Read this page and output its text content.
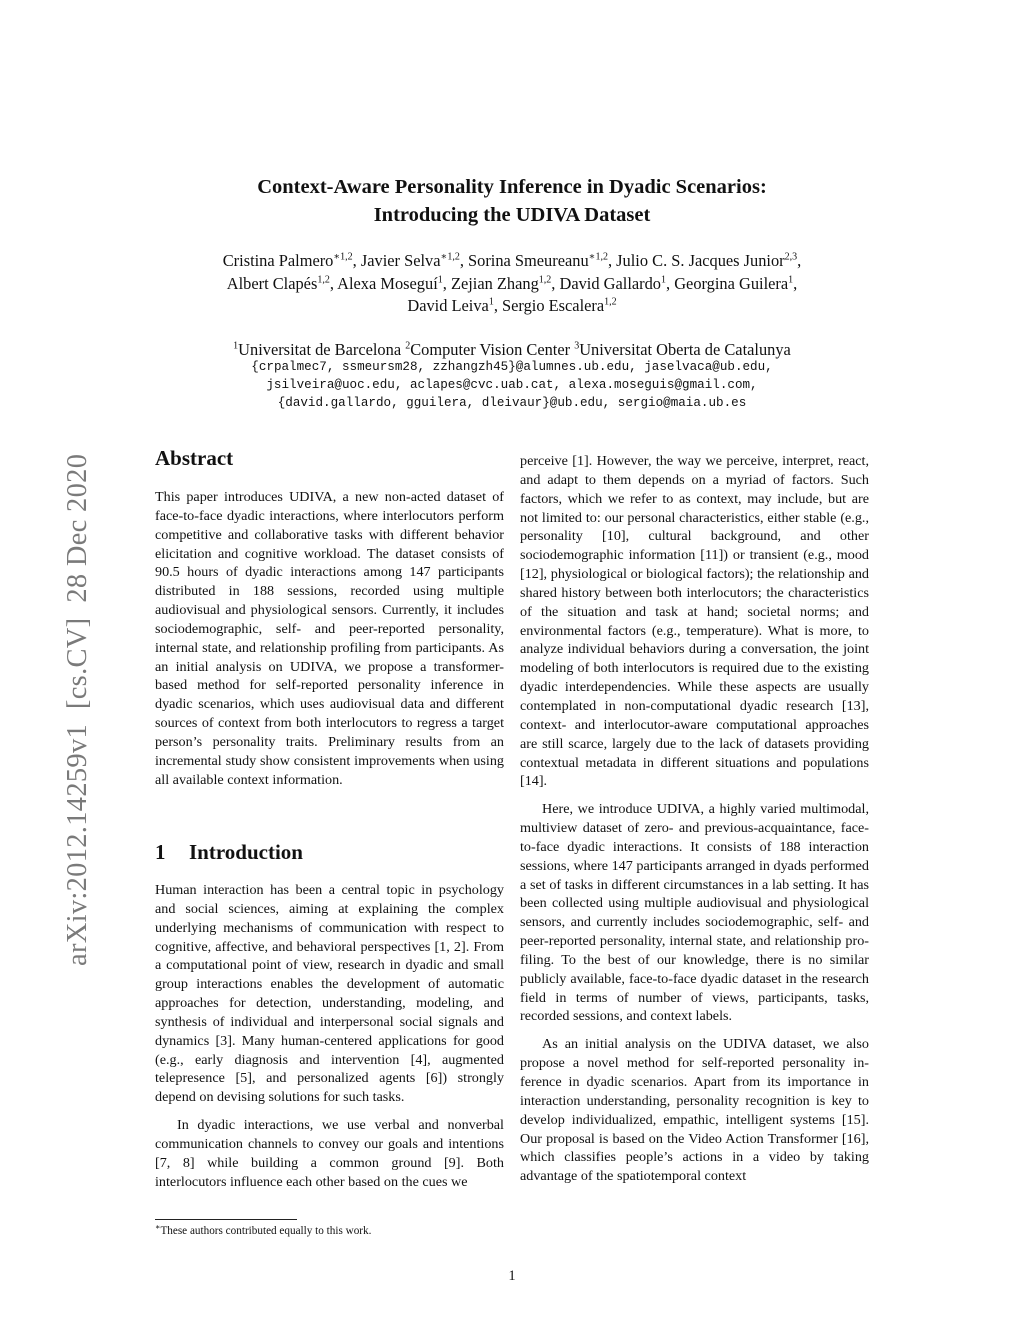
arXiv:2012.14259v1  [cs.CV]  28 Dec 2020
Context-Aware Personality Inference in Dyadic Scenarios:
Introducing the UDIVA Dataset
Cristina Palmero$^{∗1,2}$, Javier Selva$^{∗1,2}$, Sorina Smeureanu$^{∗1,2}$, Julio C. S. Jacques Junior$^{2,3}$,
Albert Clapés$^{1,2}$, Alexa Moseguí$^1$, Zejian Zhang$^{1,2}$, David Gallardo$^1$, Georgina Guilera$^1$,
David Leiva$^1$, Sergio Escalera$^{1,2}$
$^1$Universitat de Barcelona $^2$Computer Vision Center $^3$Universitat Oberta de Catalunya
{crpalmec7, ssmeursm28, zzhangzh45}@alumnes.ub.edu, jaselvaca@ub.edu,
jsilveira@uoc.edu, aclapes@cvc.uab.cat, alexa.moseguis@gmail.com,
{david.gallardo, gguilera, dleivaur}@ub.edu, sergio@maia.ub.es
Abstract

This paper introduces UDIVA, a new non-acted dataset of face-to-face dyadic interactions, where interlocutors perform competitive and collaborative tasks with different behavior elicitation and cognitive workload. The dataset consists of 90.5 hours of dyadic interactions among 147 participants distributed in 188 sessions, recorded using multiple audiovisual and physiological sensors. Currently, it includes sociodemographic, self- and peer-reported personality, internal state, and relationship profiling from participants. As an initial analysis on UDIVA, we propose a transformer-based method for self-reported personality inference in dyadic scenarios, which uses audiovisual data and different sources of context from both interlocutors to regress a target person’s personality traits. Preliminary results from an incremental study show consistent improvements when using all available context information.

1 Introduction

Human interaction has been a central topic in psychology and social sciences, aiming at explaining the complex underlying mechanisms of communication with respect to cognitive, affective, and behavioral perspectives [1, 2]. From a computational point of view, research in dyadic and small group interactions enables the development of automatic approaches for detection, understanding, modeling, and synthesis of individual and interpersonal social signals and dynamics [3]. Many human-centered applications for good (e.g., early diagnosis and intervention [4], augmented telepresence [5], and personalized agents [6]) strongly depend on devising solutions for such tasks.

In dyadic interactions, we use verbal and nonverbal communication channels to convey our goals and intentions [7, 8] while building a common ground [9]. Both interlocutors influence each other based on the cues we

perceive [1]. However, the way we perceive, interpret, react, and adapt to them depends on a myriad of factors. Such factors, which we refer to as context, may include, but are not limited to: our personal characteristics, either stable (e.g., personality [10], cultural background, and other sociodemographic information [11]) or transient (e.g., mood [12], physiological or biological factors); the relationship and shared history between both interlocutors; the characteristics of the situation and task at hand; societal norms; and environmental factors (e.g., temperature). What is more, to analyze individual behaviors during a conversation, the joint modeling of both interlocutors is required due to the existing dyadic interdependencies. While these aspects are usually contemplated in non-computational dyadic research [13], context- and interlocutor-aware computational approaches are still scarce, largely due to the lack of datasets providing contextual metadata in different situations and populations [14].

Here, we introduce UDIVA, a highly varied multimodal, multiview dataset of zero- and previous-acquaintance, face-to-face dyadic interactions. It consists of 188 interaction sessions, where 147 participants arranged in dyads performed a set of tasks in different circumstances in a lab setting. It has been collected using multiple audiovisual and physiological sensors, and currently includes sociodemographic, self- and peer-reported personality, internal state, and relationship profiling. To the best of our knowledge, there is no similar publicly available, face-to-face dyadic dataset in the research field in terms of number of views, participants, tasks, recorded sessions, and context labels.

As an initial analysis on the UDIVA dataset, we also propose a novel method for self-reported personality inference in dyadic scenarios. Apart from its importance in interaction understanding, personality recognition is key to develop individualized, empathic, intelligent systems [15]. Our proposal is based on the Video Action Transformer [16], which classifies people’s actions in a video by taking advantage of the spatiotemporal context

∗These authors contributed equally to this work.
1
